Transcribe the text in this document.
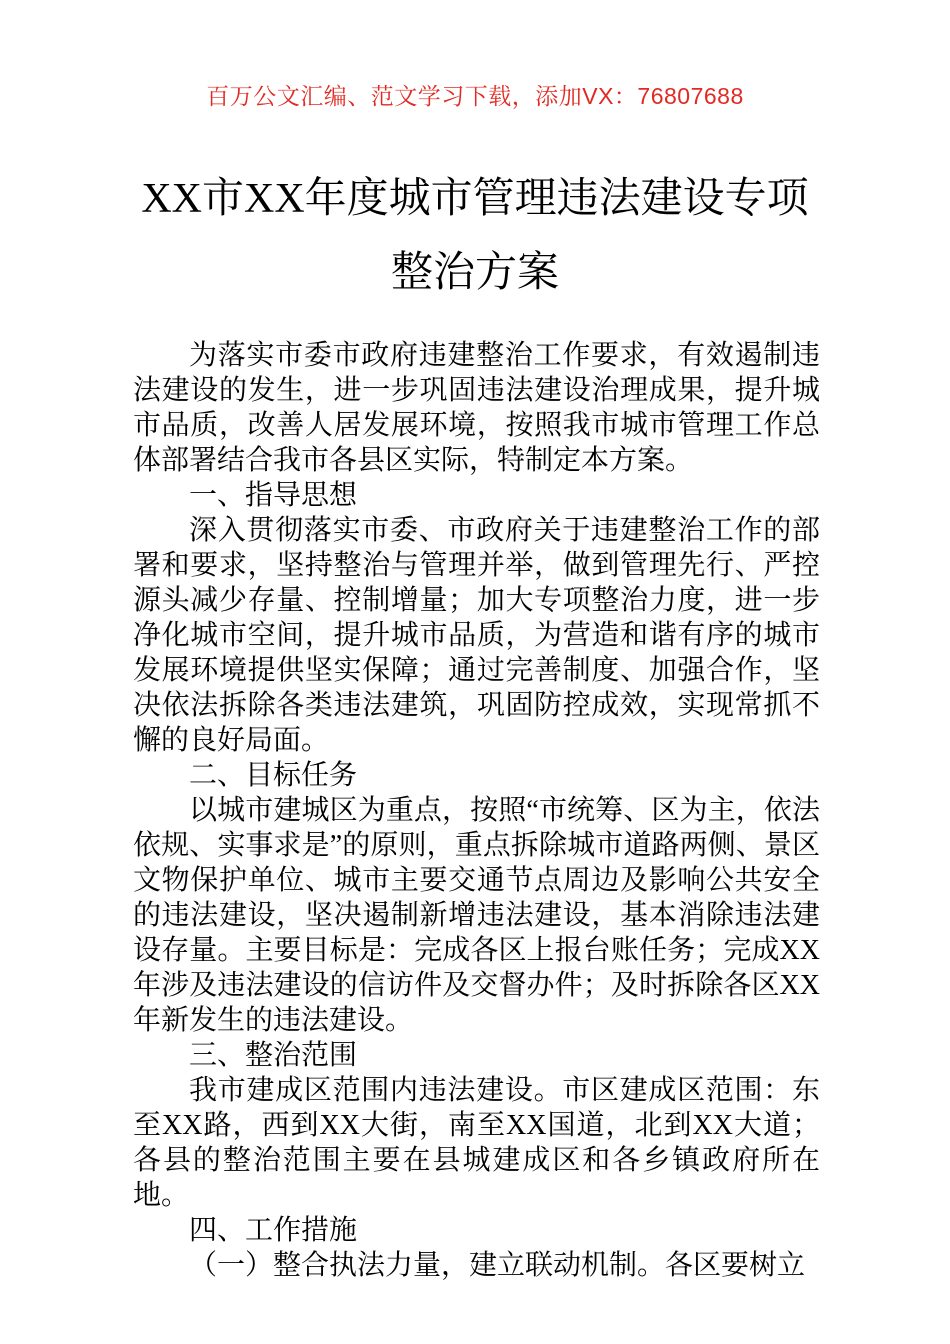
百万公文汇编、范文学习下载，添加VX：76807688
XX市XX年度城市管理违法建设专项整治方案

为落实市委市政府违建整治工作要求，有效遏制违法建设的发生，进一步巩固违法建设治理成果，提升城市品质，改善人居发展环境，按照我市城市管理工作总体部署结合我市各县区实际，特制定本方案。

一、指导思想

深入贯彻落实市委、市政府关于违建整治工作的部署和要求，坚持整治与管理并举，做到管理先行、严控源头减少存量、控制增量；加大专项整治力度，进一步净化城市空间，提升城市品质，为营造和谐有序的城市发展环境提供坚实保障；通过完善制度、加强合作，坚决依法拆除各类违法建筑，巩固防控成效，实现常抓不懈的良好局面。

二、目标任务

以城市建城区为重点，按照“市统筹、区为主，依法依规、实事求是”的原则，重点拆除城市道路两侧、景区文物保护单位、城市主要交通节点周边及影响公共安全的违法建设，坚决遏制新增违法建设，基本消除违法建设存量。主要目标是：完成各区上报台账任务；完成XX年涉及违法建设的信访件及交督办件；及时拆除各区XX年新发生的违法建设。

三、整治范围

我市建成区范围内违法建设。市区建成区范围：东至XX路，西到XX大街，南至XX国道，北到XX大道；各县的整治范围主要在县城建成区和各乡镇政府所在地。

四、工作措施

（一）整合执法力量，建立联动机制。各区要树立
